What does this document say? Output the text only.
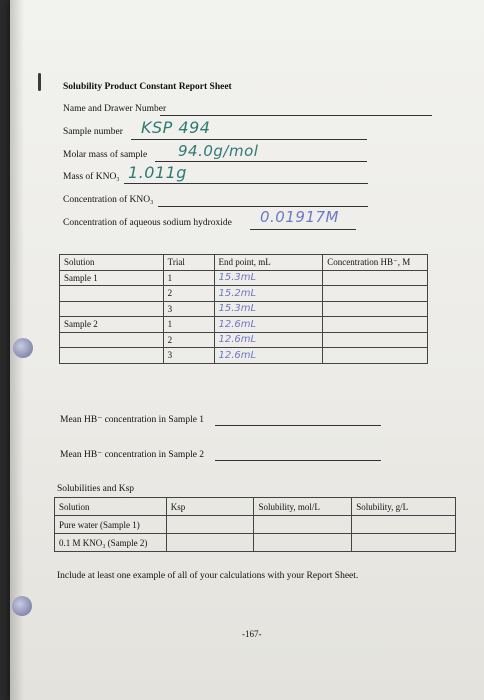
Solubility Product Constant Report Sheet
Name and Drawer Number
Sample number KSP 494
Molar mass of sample 94.0g/mol
Mass of KNO₃ 1.011g
Concentration of KNO₃
Concentration of aqueous sodium hydroxide 0.01917M
Solution	Trial	End point, mL	Concentration HB⁻, M
Sample 1	1	15.3mL	
	2	15.2mL	
	3	15.3mL	
Sample 2	1	12.6mL	
	2	12.6mL	
	3	12.6mL	
Mean HB⁻ concentration in Sample 1
Mean HB⁻ concentration in Sample 2
Solubilities and Ksp
Solution	Ksp	Solubility, mol/L	Solubility, g/L
Pure water (Sample 1)			
0.1 M KNO₃ (Sample 2)			
Include at least one example of all of your calculations with your Report Sheet.
-167-
